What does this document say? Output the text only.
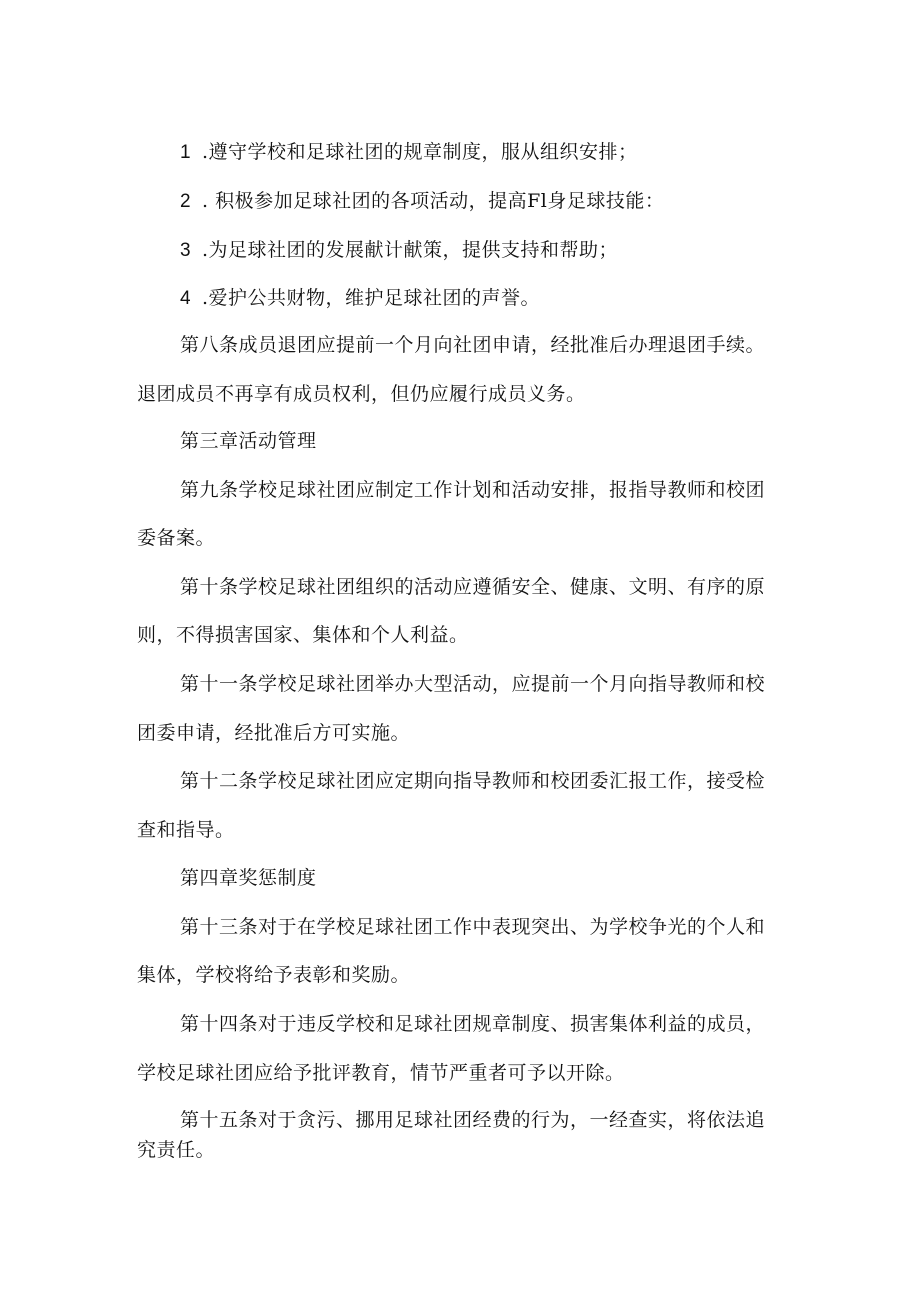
1 .遵守学校和足球社团的规章制度，服从组织安排；
2 . 积极参加足球社团的各项活动，提高Fl身足球技能：
3 .为足球社团的发展献计献策，提供支持和帮助；
4 .爱护公共财物，维护足球社团的声誉。
第八条成员退团应提前一个月向社团申请，经批准后办理退团手续。
退团成员不再享有成员权利，但仍应履行成员义务。
第三章活动管理
第九条学校足球社团应制定工作计划和活动安排，报指导教师和校团
委备案。
第十条学校足球社团组织的活动应遵循安全、健康、文明、有序的原
则，不得损害国家、集体和个人利益。
第十一条学校足球社团举办大型活动，应提前一个月向指导教师和校
团委申请，经批准后方可实施。
第十二条学校足球社团应定期向指导教师和校团委汇报工作，接受检
查和指导。
第四章奖惩制度
第十三条对于在学校足球社团工作中表现突出、为学校争光的个人和
集体，学校将给予表彰和奖励。
第十四条对于违反学校和足球社团规章制度、损害集体利益的成员，
学校足球社团应给予批评教育，情节严重者可予以开除。
第十五条对于贪污、挪用足球社团经费的行为，一经查实，将依法追
究责任。
